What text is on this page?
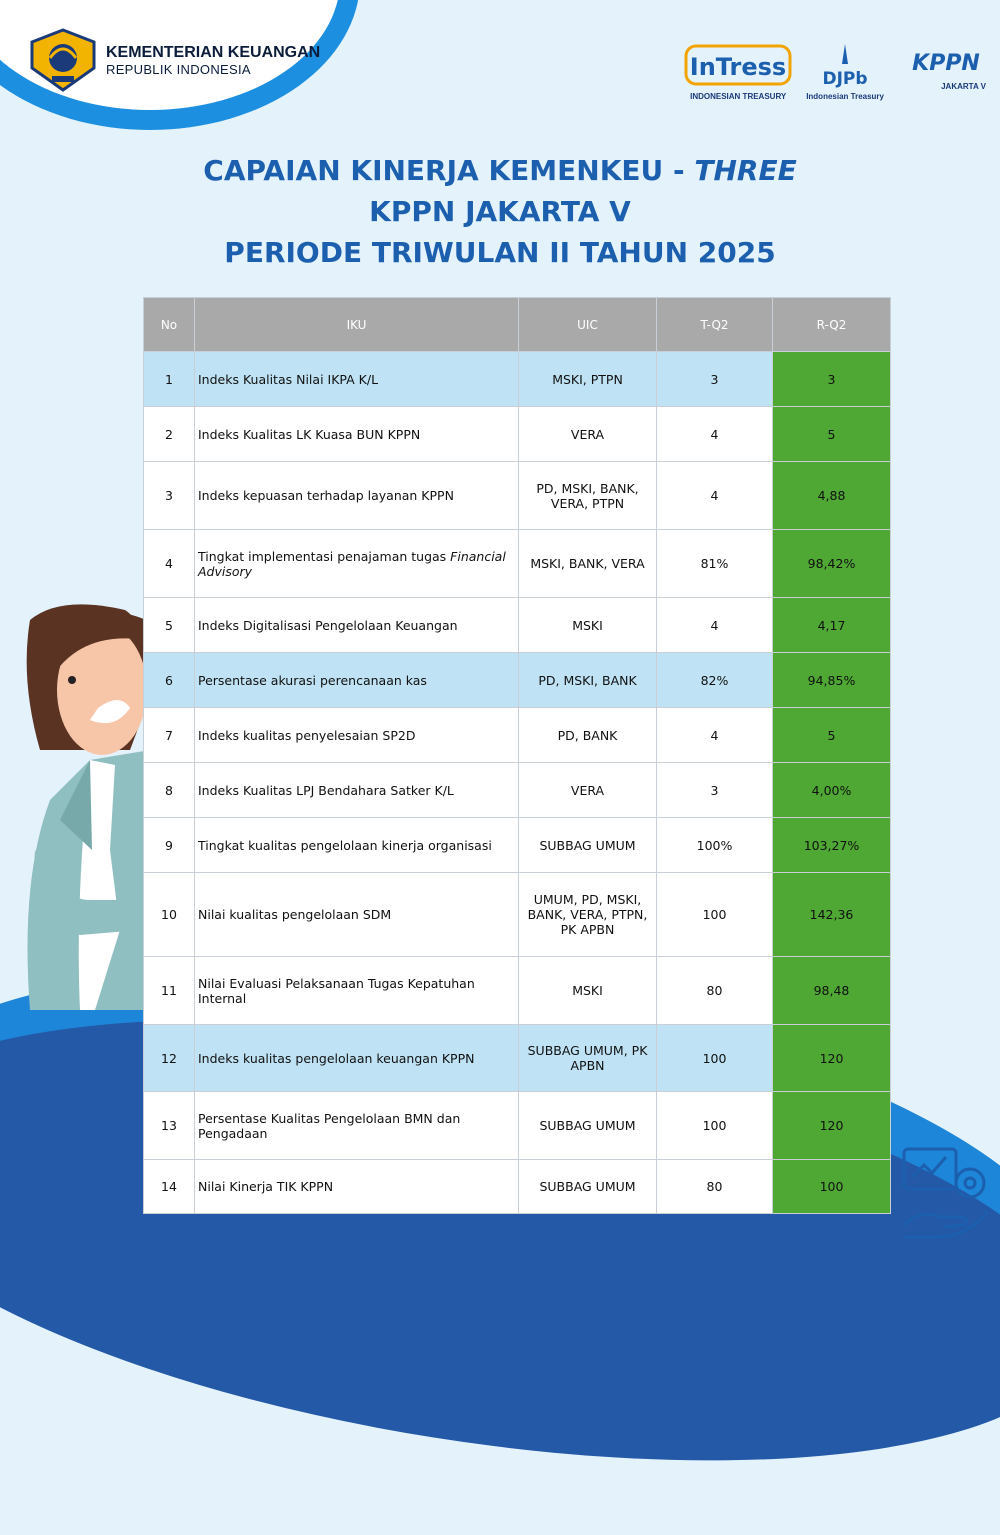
KEMENTERIAN KEUANGAN
REPUBLIK INDONESIA	InTress
INDONESIAN TREASURY
DJPb
Indonesian Treasury
KPPN
JAKARTA V
CAPAIAN KINERJA KEMENKEU - THREE
KPPN JAKARTA V
PERIODE TRIWULAN II TAHUN 2025
No	IKU	UIC	T-Q2	R-Q2
1	Indeks Kualitas Nilai IKPA K/L	MSKI, PTPN	3	3
2	Indeks Kualitas LK Kuasa BUN KPPN	VERA	4	5
3	Indeks kepuasan terhadap layanan KPPN	PD, MSKI, BANK, VERA, PTPN	4	4,88
4	Tingkat implementasi penajaman tugas Financial Advisory	MSKI, BANK, VERA	81%	98,42%
5	Indeks Digitalisasi Pengelolaan Keuangan	MSKI	4	4,17
6	Persentase akurasi perencanaan kas	PD, MSKI, BANK	82%	94,85%
7	Indeks kualitas penyelesaian SP2D	PD, BANK	4	5
8	Indeks Kualitas LPJ Bendahara Satker K/L	VERA	3	4,00%
9	Tingkat kualitas pengelolaan kinerja organisasi	SUBBAG UMUM	100%	103,27%
10	Nilai kualitas pengelolaan SDM	UMUM, PD, MSKI, BANK, VERA, PTPN, PK APBN	100	142,36
11	Nilai Evaluasi Pelaksanaan Tugas Kepatuhan Internal	MSKI	80	98,48
12	Indeks kualitas pengelolaan keuangan KPPN	SUBBAG UMUM, PK APBN	100	120
13	Persentase Kualitas Pengelolaan BMN dan Pengadaan	SUBBAG UMUM	100	120
14	Nilai Kinerja TIK KPPN	SUBBAG UMUM	80	100
